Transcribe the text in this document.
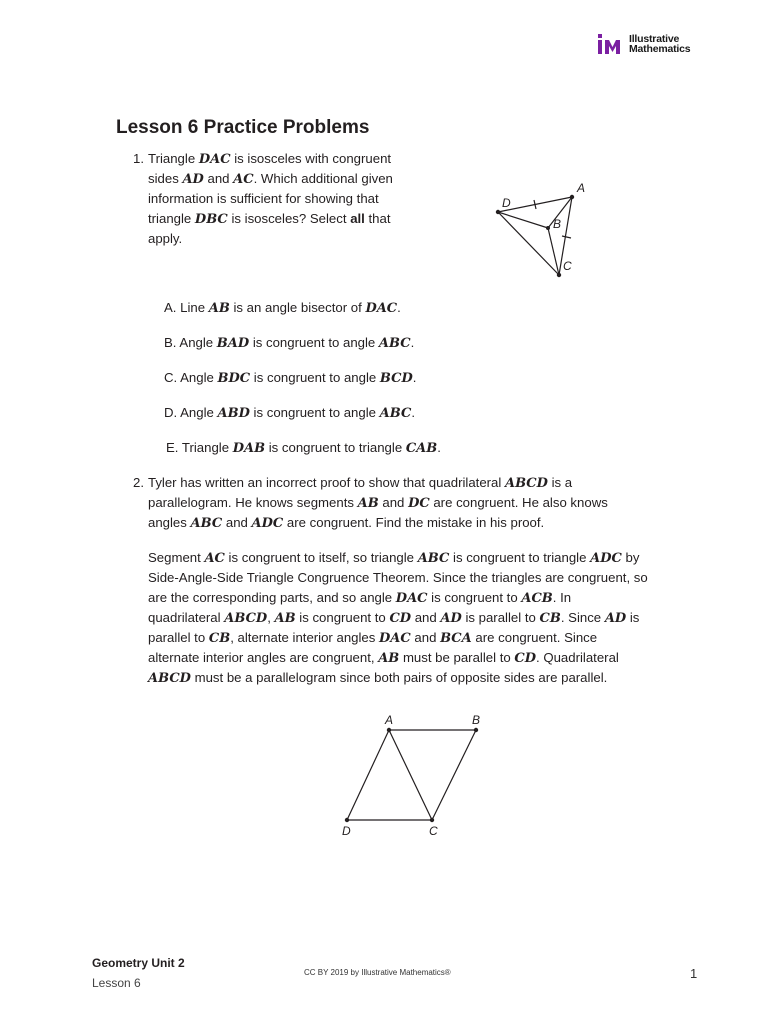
Illustrative
Mathematics
Lesson 6 Practice Problems
1. Triangle DAC is isosceles with congruent
sides AD and AC. Which additional given
information is sufficient for showing that
triangle DBC is isosceles? Select all that
apply.
A
D
B
C
A. Line AB is an angle bisector of DAC.
B. Angle BAD is congruent to angle ABC.
C. Angle BDC is congruent to angle BCD.
D. Angle ABD is congruent to angle ABC.
E. Triangle DAB is congruent to triangle CAB.
2. Tyler has written an incorrect proof to show that quadrilateral ABCD is a
parallelogram. He knows segments AB and DC are congruent. He also knows
angles ABC and ADC are congruent. Find the mistake in his proof.
Segment AC is congruent to itself, so triangle ABC is congruent to triangle ADC by
Side-Angle-Side Triangle Congruence Theorem. Since the triangles are congruent, so
are the corresponding parts, and so angle DAC is congruent to ACB. In
quadrilateral ABCD, AB is congruent to CD and AD is parallel to CB. Since AD is
parallel to CB, alternate interior angles DAC and BCA are congruent. Since
alternate interior angles are congruent, AB must be parallel to CD. Quadrilateral
ABCD must be a parallelogram since both pairs of opposite sides are parallel.
A	B
D	C
Geometry Unit 2
Lesson 6
CC BY 2019 by Illustrative Mathematics®	1
